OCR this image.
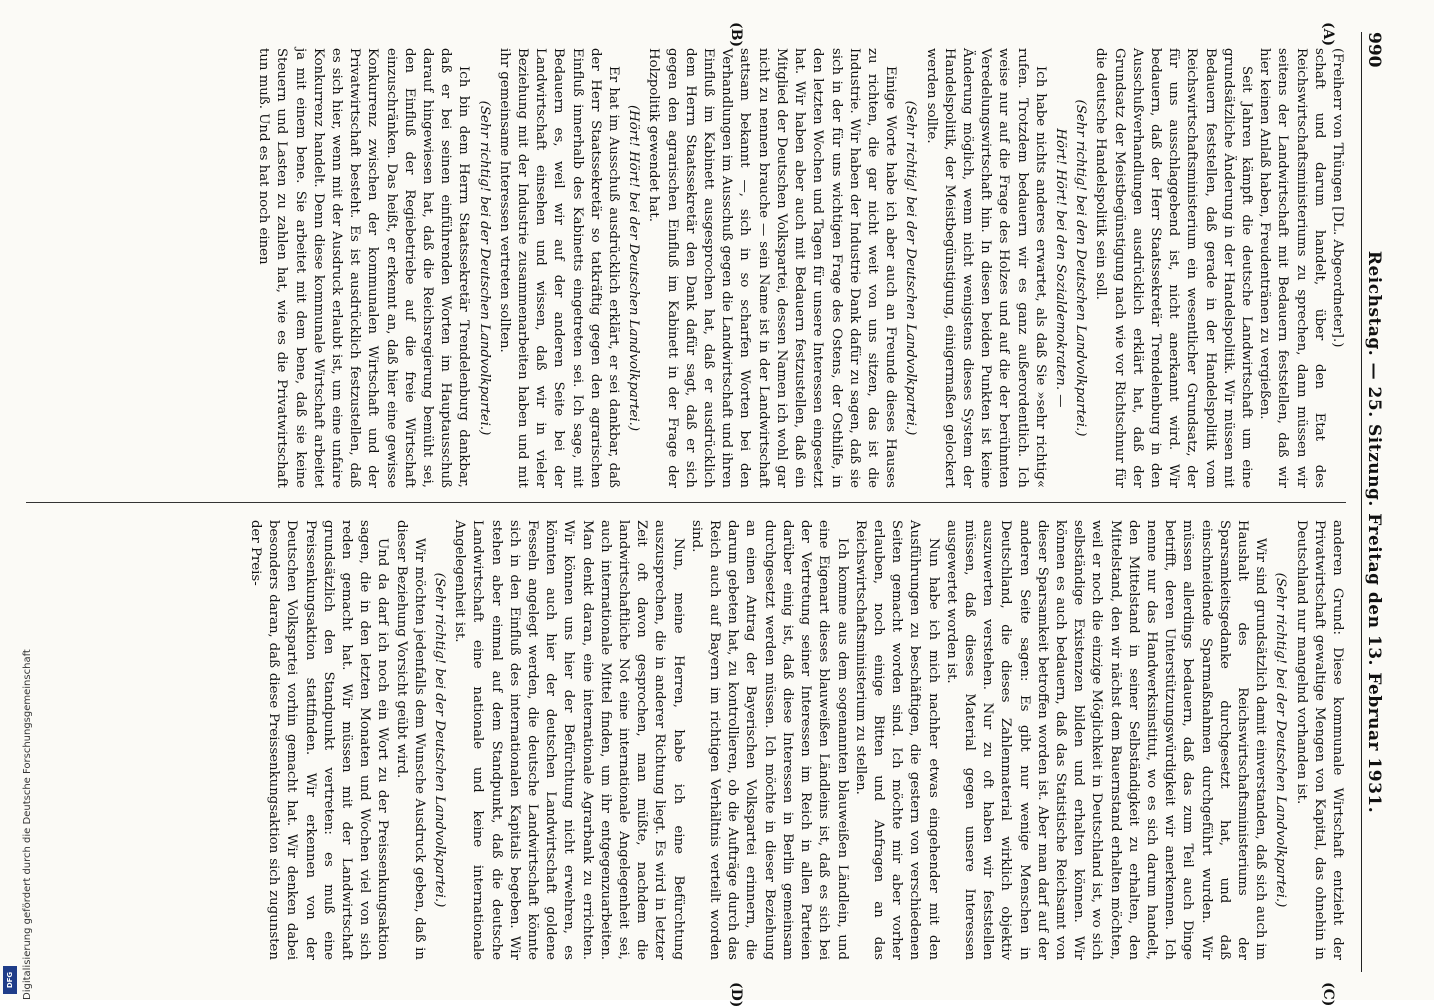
990
Reichstag. — 25. Sitzung. Freitag den 13. Februar 1931.
(A)
(B)
(C)
(D)

(Freiherr von Thüngen [DL. Abgeordneter].)

schaft und darum handelt, über den Etat des Reichswirtschaftsministeriums zu sprechen, dann müssen wir seitens der Landwirtschaft mit Bedauern feststellen, daß wir hier keinen Anlaß haben, Freudentränen zu vergießen.

Seit Jahren kämpft die deutsche Landwirtschaft um eine grundsätzliche Änderung in der Handelspolitik. Wir müssen mit Bedauern feststellen, daß gerade in der Handelspolitik vom Reichswirtschaftsministerium ein wesentlicher Grundsatz, der für uns ausschlaggebend ist, nicht anerkannt wird. Wir bedauern, daß der Herr Staatssekretär Trendelenburg in den Ausschußverhandlungen ausdrücklich erklärt hat, daß der Grundsatz der Meistbegünstigung nach wie vor Richtschnur für die deutsche Handelspolitik sein soll.

(Sehr richtig! bei den Deutschen Landvolkpartei.)

Hört! Hört! bei den Sozialdemokraten. —

Ich habe nichts anderes erwartet, als daß Sie »sehr richtig« rufen. Trotzdem bedauern wir es ganz außerordentlich. Ich weise nur auf die Frage des Holzes und auf die der berühmten Veredelungswirtschaft hin. In diesen beiden Punkten ist keine Änderung möglich, wenn nicht wenigstens dieses System der Handelspolitik, der Meistbegünstigung, einigermaßen gelockert werden sollte.

(Sehr richtig! bei der Deutschen Landvolkpartei.)

Einige Worte habe ich aber auch an Freunde dieses Hauses zu richten, die gar nicht weit von uns sitzen, das ist die Industrie. Wir haben der Industrie Dank dafür zu sagen, daß sie sich in der für uns wichtigen Frage des Ostens, der Osthilfe, in den letzten Wochen und Tagen für unsere Interessen eingesetzt hat. Wir haben aber auch mit Bedauern festzustellen, daß ein Mitglied der Deutschen Volkspartei, dessen Namen ich wohl gar nicht zu nennen brauche — sein Name ist in der Landwirtschaft sattsam bekannt —, sich in so scharfen Worten bei den Verhandlungen im Ausschuß gegen die Landwirtschaft und ihren Einfluß im Kabinett ausgesprochen hat, daß er ausdrücklich dem Herrn Staatssekretär den Dank dafür sagt, daß er sich gegen den agrarischen Einfluß im Kabinett in der Frage der Holzpolitik gewendet hat.

(Hört! Hört! bei der Deutschen Landvolkpartei.)

Er hat im Ausschuß ausdrücklich erklärt, er sei dankbar, daß der Herr Staatssekretär so tatkräftig gegen den agrarischen Einfluß innerhalb des Kabinetts eingetreten sei. Ich sage, mit Bedauern es, weil wir auf der anderen Seite bei der Landwirtschaft einsehen und wissen, daß wir in vieler Beziehung mit der Industrie zusammenarbeiten haben und mit ihr gemeinsame Interessen vertreten sollten.

(Sehr richtig! bei der Deutschen Landvolkpartei.)

Ich bin dem Herrn Staatssekretär Trendelenburg dankbar, daß er bei seinen einführenden Worten im Hauptausschuß darauf hingewiesen hat, daß die Reichsregierung bemüht sei, den Einfluß der Regiebetriebe auf die freie Wirtschaft einzuschränken. Das heißt, er erkennt an, daß hier eine gewisse Konkurrenz zwischen der kommunalen Wirtschaft und der Privatwirtschaft besteht. Es ist ausdrücklich festzustellen, daß es sich hier, wenn mit der Ausdruck erlaubt ist, um eine unfaire Konkurrenz handelt. Denn diese kommunale Wirtschaft arbeitet ja mit einem bene. Sie arbeitet mit dem bene, daß sie keine Steuern und Lasten zu zahlen hat, wie es die Privatwirtschaft tun muß. Und es hat noch einen

anderen Grund: Diese kommunale Wirtschaft entzieht der Privatwirtschaft gewaltige Mengen von Kapital, das ohnehin in Deutschland nur mangelnd vorhanden ist.

(Sehr richtig! bei der Deutschen Landvolkpartei.)

Wir sind grundsätzlich damit einverstanden, daß sich auch im Haushalt des Reichswirtschaftsministeriums der Sparsamkeitsgedanke durchgesetzt hat, und daß einschneidende Sparmaßnahmen durchgeführt wurden. Wir müssen allerdings bedauern, daß das zum Teil auch Dinge betrifft, deren Unterstützungswürdigkeit wir anerkennen. Ich nenne nur das Handwerksinstitut, wo es sich darum handelt, den Mittelstand in seiner Selbständigkeit zu erhalten, den Mittelstand, den wir nächst dem Bauernstand erhalten möchten, weil er noch die einzige Möglichkeit in Deutschland ist, wo sich selbständige Existenzen bilden und erhalten können. Wir können es auch bedauern, daß das Statistische Reichsamt von dieser Sparsamkeit betroffen worden ist. Aber man darf auf der anderen Seite sagen: Es gibt nur wenige Menschen in Deutschland, die dieses Zahlenmaterial wirklich objektiv auszuwerten verstehen. Nur zu oft haben wir feststellen müssen, daß dieses Material gegen unsere Interessen ausgewertet worden ist.

Nun habe ich mich nachher etwas eingehender mit den Ausführungen zu beschäftigen, die gestern von verschiedenen Seiten gemacht worden sind. Ich möchte mir aber vorher erlauben, noch einige Bitten und Anfragen an das Reichswirtschaftsministerium zu stellen.

Ich komme aus dem sogenannten blauweißen Ländlein, und eine Eigenart dieses blauweißen Ländleins ist, daß es sich bei der Vertretung seiner Interessen im Reich in allen Parteien darüber einig ist, daß diese Interessen in Berlin gemeinsam durchgesetzt werden müssen. Ich möchte in dieser Beziehung an einen Antrag der Bayerischen Volkspartei erinnern, die darum gebeten hat, zu kontrollieren, ob die Aufträge durch das Reich auch auf Bayern im richtigen Verhältnis verteilt worden sind.

Nun, meine Herren, habe ich eine Befürchtung auszusprechen, die in anderer Richtung liegt. Es wird in letzter Zeit oft davon gesprochen, man müßte, nachdem die landwirtschaftliche Not eine internationale Angelegenheit sei, auch internationale Mittel finden, um ihr entgegenzuarbeiten. Man denkt daran, eine internationale Agrarbank zu errichten. Wir können uns hier der Befürchtung nicht erwehren, es könnten auch hier der deutschen Landwirtschaft goldene Fesseln angelegt werden, die deutsche Landwirtschaft könnte sich in den Einfluß des internationalen Kapitals begeben. Wir stehen aber einmal auf dem Standpunkt, daß die deutsche Landwirtschaft eine nationale und keine internationale Angelegenheit ist.

(Sehr richtig! bei der Deutschen Landvolkpartei.)

Wir möchten jedenfalls dem Wunsche Ausdruck geben, daß in dieser Beziehung Vorsicht geübt wird.

Und da darf ich noch ein Wort zu der Preissenkungsaktion sagen, die in den letzten Monaten und Wochen viel von sich reden gemacht hat. Wir müssen mit der Landwirtschaft grundsätzlich den Standpunkt vertreten: es muß eine Preissenkungsaktion stattfinden. Wir erkennen von der Deutschen Volkspartei vorhin gemacht hat. Wir denken dabei besonders daran, daß diese Preissenkungsaktion sich zugunsten der Preis-

Digitalisierung gefördert durch die Deutsche Forschungsgemeinschaft
DFG
